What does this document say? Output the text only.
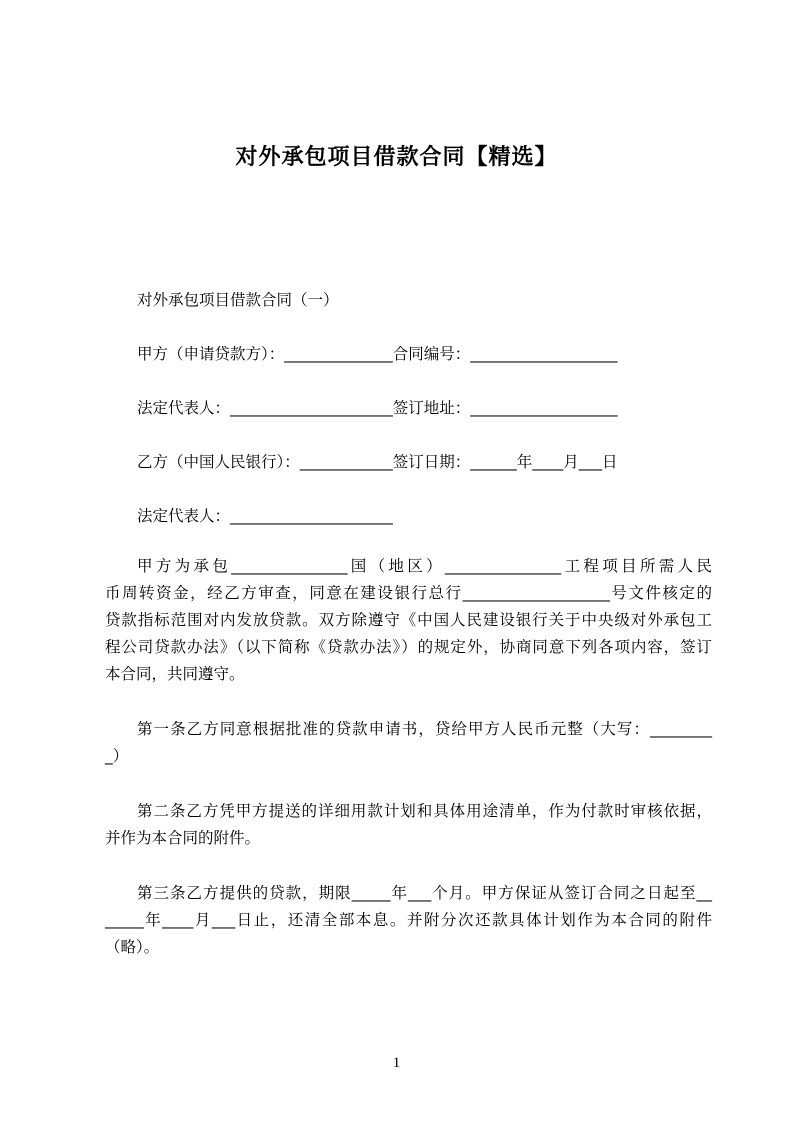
对外承包项目借款合同【精选】
对外承包项目借款合同（一）
甲方（申请贷款方）：______________合同编号：___________________
法定代表人：_____________________签订地址：___________________
乙方（中国人民银行）：____________签订日期：______年____月___日
法定代表人：_____________________
甲方为承包_______________国（地区）_______________工程项目所需人民
币周转资金，经乙方审查，同意在建设银行总行___________________号文件核定的
贷款指标范围对内发放贷款。双方除遵守《中国人民建设银行关于中央级对外承包工
程公司贷款办法》（以下简称《贷款办法》）的规定外，协商同意下列各项内容，签订
本合同，共同遵守。
第一条乙方同意根据批准的贷款申请书，贷给甲方人民币元整（大写：________
_）
第二条乙方凭甲方提送的详细用款计划和具体用途清单，作为付款时审核依据，
并作为本合同的附件。
第三条乙方提供的贷款，期限_____年___个月。甲方保证从签订合同之日起至__
_____年____月___日止，还清全部本息。并附分次还款具体计划作为本合同的附件
（略）。
1
